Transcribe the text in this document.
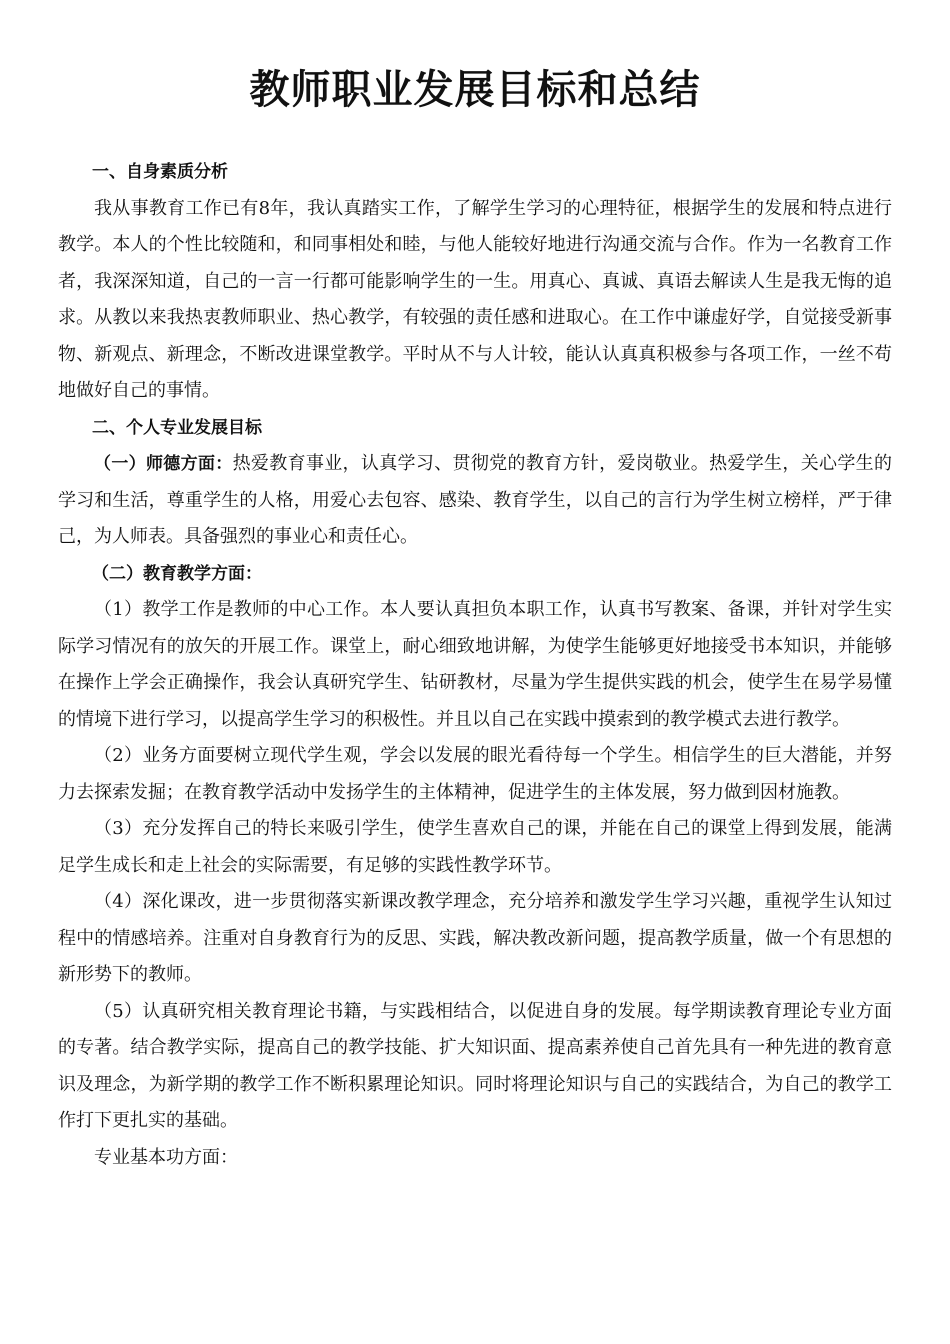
教师职业发展目标和总结

一、自身素质分析

我从事教育工作已有8年，我认真踏实工作，了解学生学习的心理特征，根据学生的发展和特点进行教学。本人的个性比较随和，和同事相处和睦，与他人能较好地进行沟通交流与合作。作为一名教育工作者，我深深知道，自己的一言一行都可能影响学生的一生。用真心、真诚、真语去解读人生是我无悔的追求。从教以来我热衷教师职业、热心教学，有较强的责任感和进取心。在工作中谦虚好学，自觉接受新事物、新观点、新理念，不断改进课堂教学。平时从不与人计较，能认认真真积极参与各项工作，一丝不苟地做好自己的事情。

二、个人专业发展目标

（一）师德方面：热爱教育事业，认真学习、贯彻党的教育方针，爱岗敬业。热爱学生，关心学生的学习和生活，尊重学生的人格，用爱心去包容、感染、教育学生，以自己的言行为学生树立榜样，严于律己，为人师表。具备强烈的事业心和责任心。

（二）教育教学方面：

（1）教学工作是教师的中心工作。本人要认真担负本职工作，认真书写教案、备课，并针对学生实际学习情况有的放矢的开展工作。课堂上，耐心细致地讲解，为使学生能够更好地接受书本知识，并能够在操作上学会正确操作，我会认真研究学生、钻研教材，尽量为学生提供实践的机会，使学生在易学易懂的情境下进行学习，以提高学生学习的积极性。并且以自己在实践中摸索到的教学模式去进行教学。

（2）业务方面要树立现代学生观，学会以发展的眼光看待每一个学生。相信学生的巨大潜能，并努力去探索发掘；在教育教学活动中发扬学生的主体精神，促进学生的主体发展，努力做到因材施教。

（3）充分发挥自己的特长来吸引学生，使学生喜欢自己的课，并能在自己的课堂上得到发展，能满足学生成长和走上社会的实际需要，有足够的实践性教学环节。

（4）深化课改，进一步贯彻落实新课改教学理念，充分培养和激发学生学习兴趣，重视学生认知过程中的情感培养。注重对自身教育行为的反思、实践，解决教改新问题，提高教学质量，做一个有思想的新形势下的教师。

（5）认真研究相关教育理论书籍，与实践相结合，以促进自身的发展。每学期读教育理论专业方面的专著。结合教学实际，提高自己的教学技能、扩大知识面、提高素养使自己首先具有一种先进的教育意识及理念，为新学期的教学工作不断积累理论知识。同时将理论知识与自己的实践结合，为自己的教学工作打下更扎实的基础。

专业基本功方面：
